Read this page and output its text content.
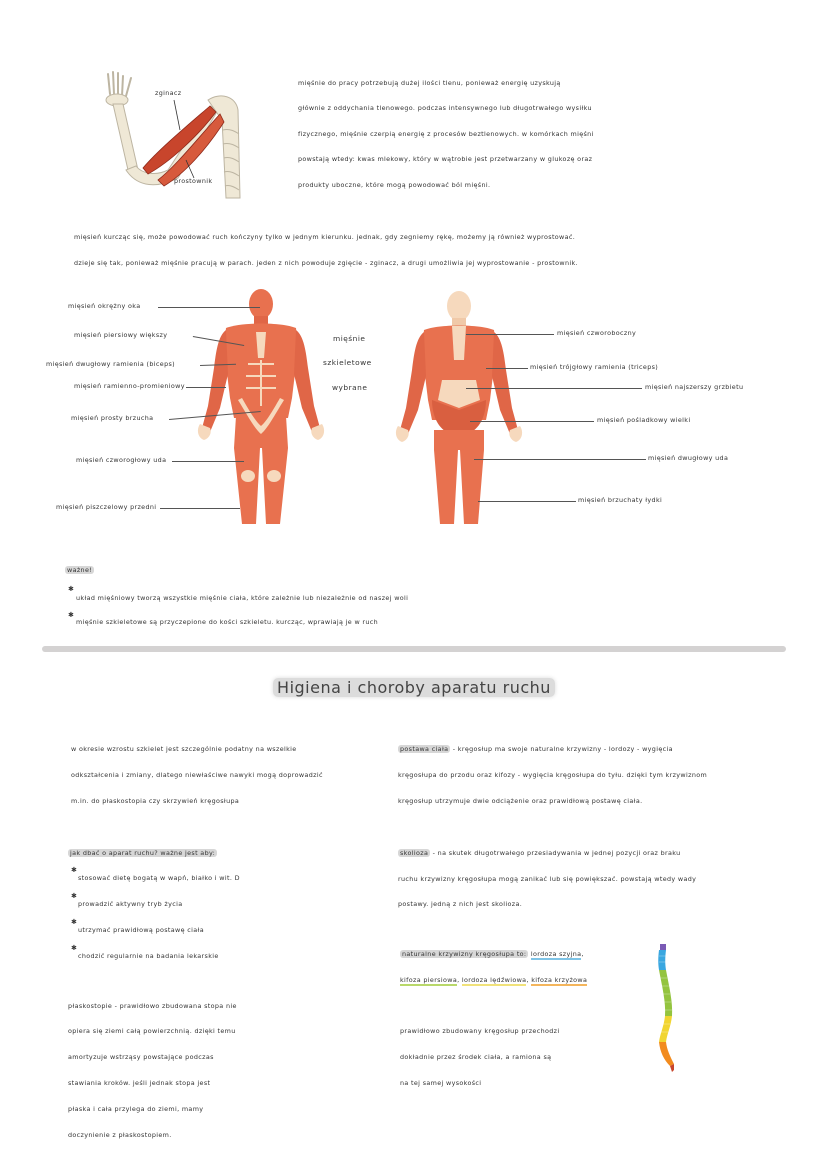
zginacz
prostownik
mięśnie do pracy potrzebują dużej ilości tlenu, ponieważ energię uzyskują
głównie z oddychania tlenowego. podczas intensywnego lub długotrwałego wysiłku
fizycznego, mięśnie czerpią energię z procesów beztlenowych. w komórkach mięśni
powstają wtedy: kwas mlekowy, który w wątrobie jest przetwarzany w glukozę oraz
produkty uboczne, które mogą powodować ból mięśni.
mięsień kurcząc się, może powodować ruch kończyny tylko w jednym kierunku. jednak, gdy zegniemy rękę, możemy ją również wyprostować.
dzieje się tak, ponieważ mięśnie pracują w parach. jeden z nich powoduje zgięcie - zginacz, a drugi umożliwia jej wyprostowanie - prostownik.
mięśnie
szkieletowe
wybrane
mięsień okrężny oka
mięsień piersiowy większy
mięsień dwugłowy ramienia (biceps)
mięsień ramienno-promieniowy
mięsień prosty brzucha
mięsień czworogłowy uda
mięsień piszczelowy przedni
mięsień czworoboczny
mięsień trójgłowy ramienia (triceps)
mięsień najszerszy grzbietu
mięsień pośladkowy wielki
mięsień dwugłowy uda
mięsień brzuchaty łydki
ważne!
✱
układ mięśniowy tworzą wszystkie mięśnie ciała, które zależnie lub niezależnie od naszej woli
✱
mięśnie szkieletowe są przyczepione do kości szkieletu. kurcząc, wprawiają je w ruch
Higiena i choroby aparatu ruchu
w okresie wzrostu szkielet jest szczególnie podatny na wszelkie
odkształcenia i zmiany, dlatego niewłaściwe nawyki mogą doprowadzić
m.in. do płaskostopia czy skrzywień kręgosłupa
postawa ciała - kręgosłup ma swoje naturalne krzywizny - lordozy - wygięcia
kręgosłupa do przodu oraz kifozy - wygięcia kręgosłupa do tyłu. dzięki tym krzywiznom
kręgosłup utrzymuje dwie odciążenie oraz prawidłową postawę ciała.
jak dbać o aparat ruchu? ważne jest aby:
✱
stosować dietę bogatą w wapń, białko i wit. D
✱
prowadzić aktywny tryb życia
✱
utrzymać prawidłową postawę ciała
✱
chodzić regularnie na badania lekarskie
skolioza - na skutek długotrwałego przesiadywania w jednej pozycji oraz braku
ruchu krzywizny kręgosłupa mogą zanikać lub się powiększać. powstają wtedy wady
postawy. jedną z nich jest skolioza.
naturalne krzywizny kręgosłupa to: lordoza szyjna,
kifoza piersiowa, lordoza lędźwiowa, kifoza krzyżowa
płaskostopie - prawidłowo zbudowana stopa nie
opiera się ziemi całą powierzchnią. dzięki temu
amortyzuje wstrząsy powstające podczas
stawiania kroków. jeśli jednak stopa jest
płaska i cała przylega do ziemi, mamy
doczynienie z płaskostopiem.
prawidłowo zbudowany kręgosłup przechodzi
dokładnie przez środek ciała, a ramiona są
na tej samej wysokości
